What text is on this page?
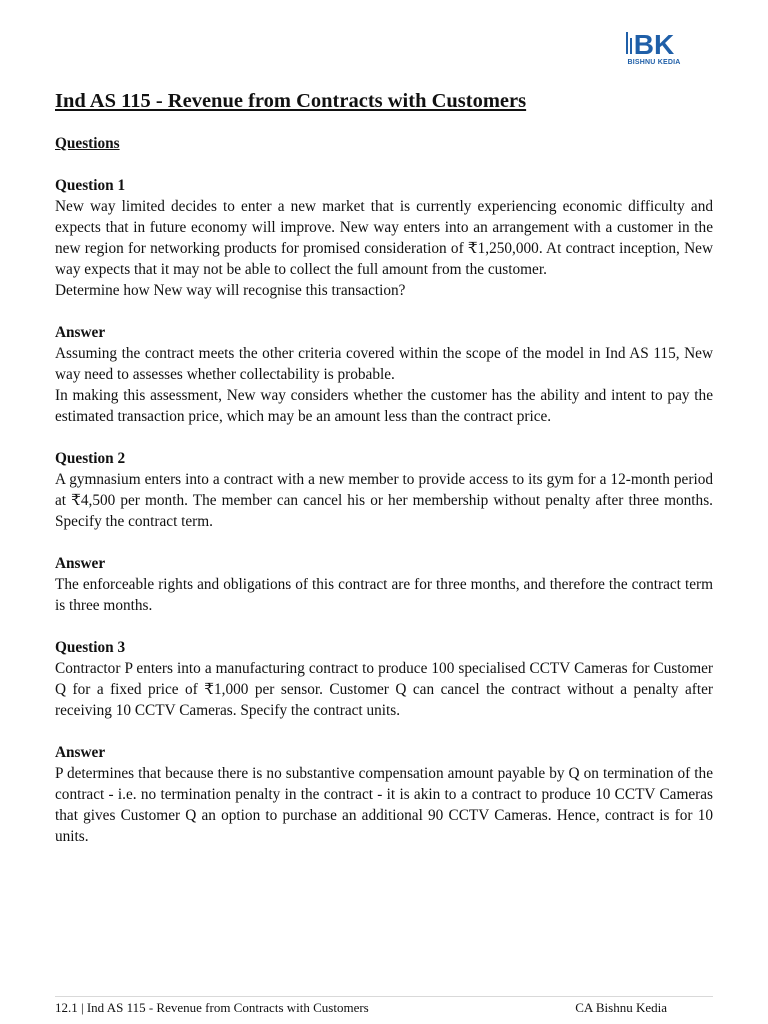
BK
BISHNU KEDIA
Ind AS 115 - Revenue from Contracts with Customers

Questions

Question 1

New way limited decides to enter a new market that is currently experiencing economic difficulty and expects that in future economy will improve. New way enters into an arrangement with a customer in the new region for networking products for promised consideration of ₹1,250,000. At contract inception, New way expects that it may not be able to collect the full amount from the customer.

Determine how New way will recognise this transaction?

Answer

Assuming the contract meets the other criteria covered within the scope of the model in Ind AS 115, New way need to assesses whether collectability is probable.

In making this assessment, New way considers whether the customer has the ability and intent to pay the estimated transaction price, which may be an amount less than the contract price.

Question 2

A gymnasium enters into a contract with a new member to provide access to its gym for a 12-month period at ₹4,500 per month. The member can cancel his or her membership without penalty after three months. Specify the contract term.

Answer

The enforceable rights and obligations of this contract are for three months, and therefore the contract term is three months.

Question 3

Contractor P enters into a manufacturing contract to produce 100 specialised CCTV Cameras for Customer Q for a fixed price of ₹1,000 per sensor. Customer Q can cancel the contract without a penalty after receiving 10 CCTV Cameras. Specify the contract units.

Answer

P determines that because there is no substantive compensation amount payable by Q on termination of the contract - i.e. no termination penalty in the contract - it is akin to a contract to produce 10 CCTV Cameras that gives Customer Q an option to purchase an additional 90 CCTV Cameras. Hence, contract is for 10 units.

12.1 | Ind AS 115 - Revenue from Contracts with Customers	CA Bishnu Kedia
